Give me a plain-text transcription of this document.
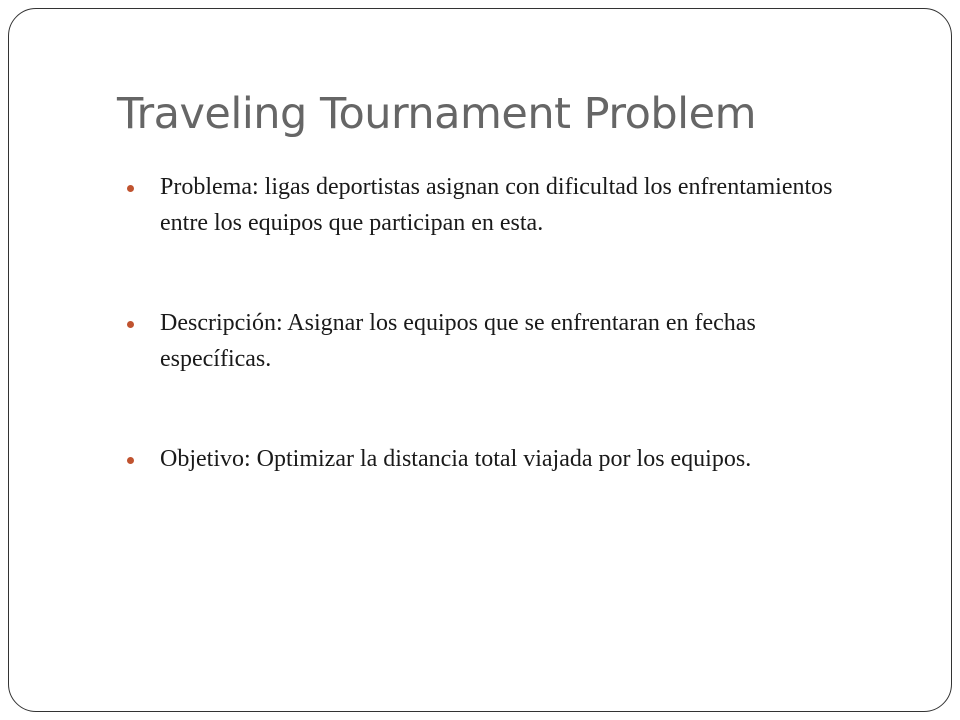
Traveling Tournament Problem
Problema: ligas deportistas asignan con dificultad los enfrentamientos entre los equipos que participan en esta.
Descripción: Asignar los equipos que se enfrentaran en fechas específicas.
Objetivo: Optimizar la distancia total viajada por los equipos.
